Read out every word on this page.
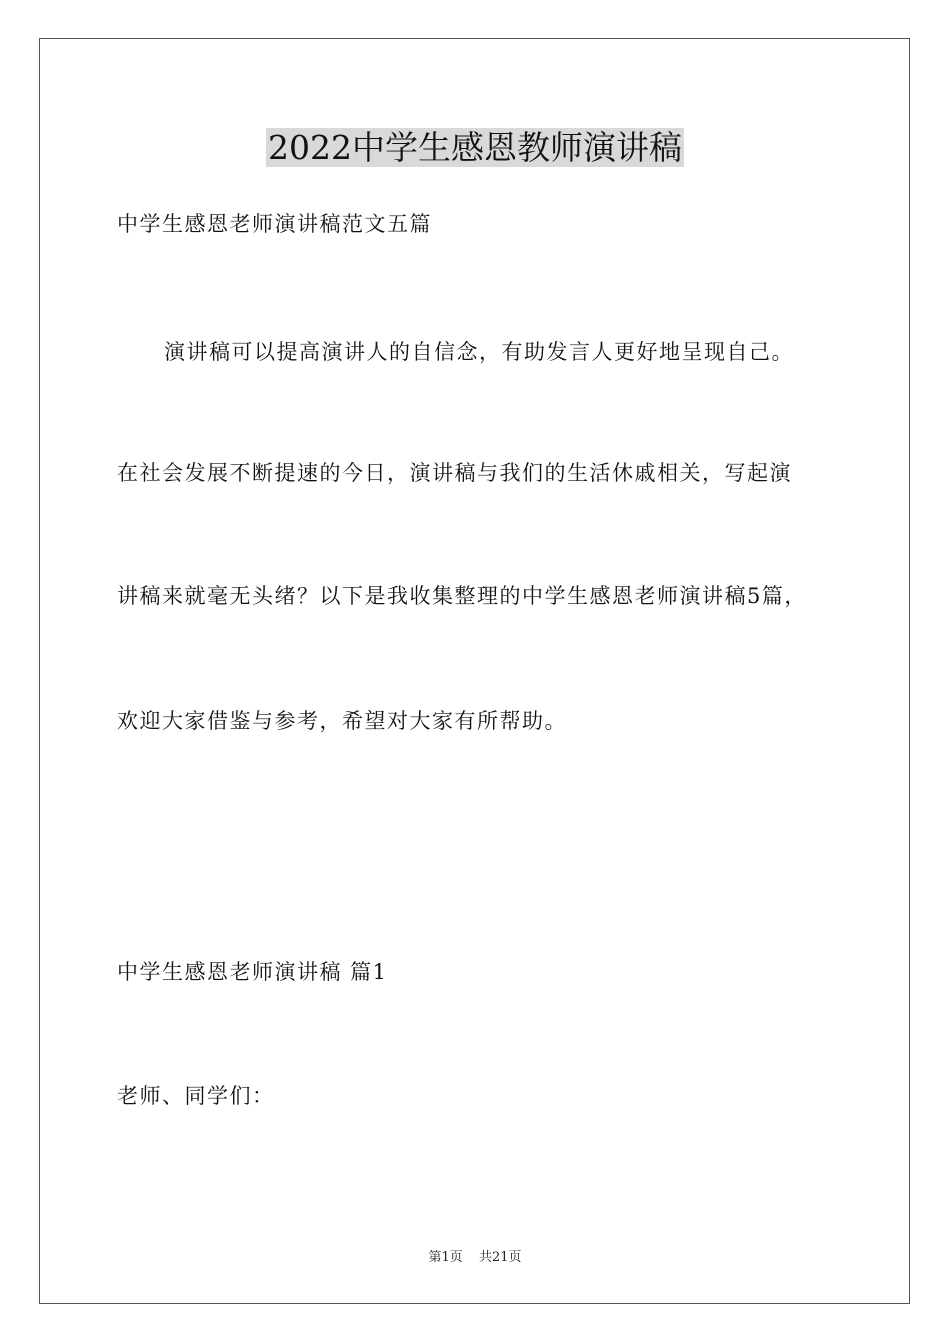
2022中学生感恩教师演讲稿
中学生感恩老师演讲稿范文五篇
演讲稿可以提高演讲人的自信念，有助发言人更好地呈现自己。
在社会发展不断提速的今日，演讲稿与我们的生活休戚相关，写起演
讲稿来就毫无头绪？以下是我收集整理的中学生感恩老师演讲稿5篇，
欢迎大家借鉴与参考，希望对大家有所帮助。
中学生感恩老师演讲稿 篇1
老师、同学们：
第1页 共21页
